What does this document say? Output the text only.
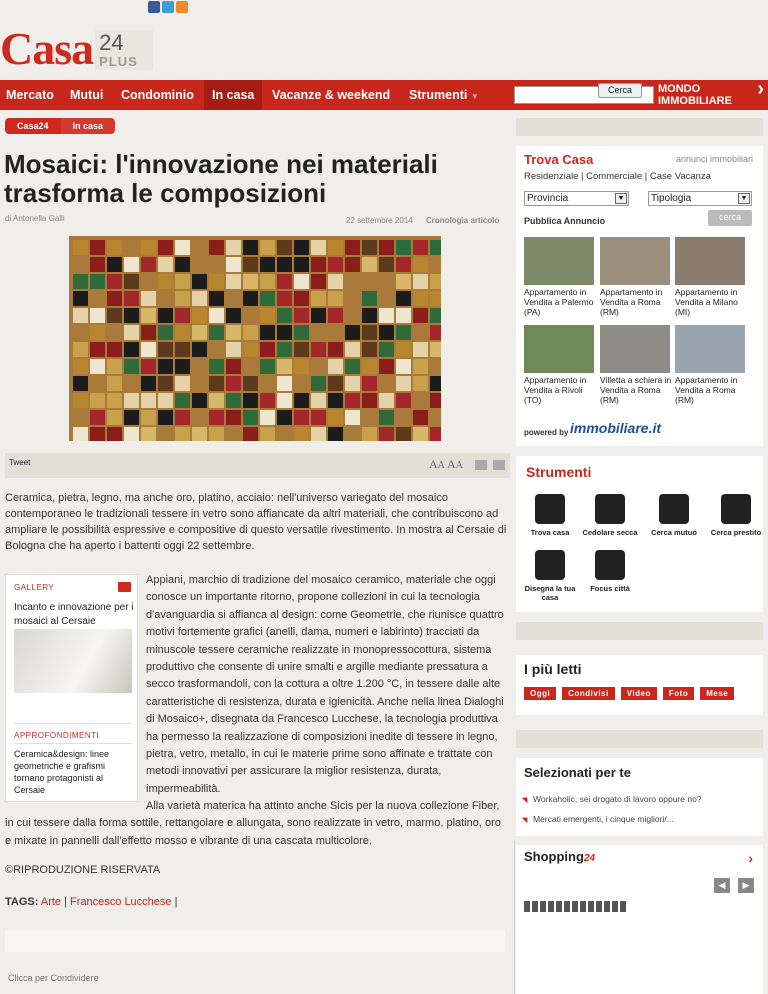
Casa 24
PLUS
Mercato Mutui Condominio	In casa	Vacanze & weekend Strumenti ▼
Cerca	MONDO
IMMOBILIARE
›
Casa24	In casa
Mosaici: l'innovazione nei materiali trasforma le composizioni
di Antonella Galli	22 settembre 2014 Cronologia articolo
Tweet	AA AA

Ceramica, pietra, legno, ma anche oro, platino, acciaio: nell'universo variegato del mosaico contemporaneo le tradizionali tessere in vetro sono affiancate da altri materiali, che contribuiscono ad ampliare le possibilità espressive e compositive di questo versatile rivestimento. In mostra al Cersaie di Bologna che ha aperto i battenti oggi 22 settembre.

GALLERY
Incanto e innovazione per i mosaici al Cersaie
APPROFONDIMENTI
Ceramica&design: linee geometriche e grafismi tornano protagonisti al Cersaie

Appiani, marchio di tradizione del mosaico ceramico, materiale che oggi conosce un importante ritorno, propone collezioni in cui la tecnologia d'avanguardia si affianca al design: come Geometrie, che riunisce quattro motivi fortemente grafici (anelli, dama, numeri e labirinto) tracciati da minuscole tessere ceramiche realizzate in monopressocottura, sistema produttivo che consente di unire smalti e argille mediante pressatura a secco trasformandoli, con la cottura a oltre 1.200 °C, in tessere dalle alte caratteristiche di resistenza, durata e igienicità. Anche nella linea Dialoghi di Mosaico+, disegnata da Francesco Lucchese, la tecnologia produttiva ha permesso la realizzazione di composizioni inedite di tessere in legno, pietra, vetro, metallo, in cui le materie prime sono affinate e trattate con metodi innovativi per assicurare la miglior resistenza, durata, impermeabilità.

Alla varietà materica ha attinto anche Sicis per la nuova collezione Fiber, in cui tessere dalla forma sottile, rettangolare e allungata, sono realizzate in vetro, marmo, platino, oro e mixate in pannelli dall'effetto mosso e vibrante di una cascata multicolore.

©RIPRODUZIONE RISERVATA
TAGS: Arte | Francesco Lucchese |
Clicca per Condividere
Trova Casa	annunci immobiliari
Residenziale | Commerciale | Case Vacanza
Provincia	▼	Tipologia	▼
Pubblica Annuncio	cerca
Appartamento in Vendita a Palermo (PA)
Appartamento in Vendita a Roma (RM)
Appartamento in Vendita a Milano (MI)
Appartamento in Vendita a Rivoli (TO)
Villetta a schiera in Vendita a Roma (RM)
Appartamento in Vendita a Roma (RM)
powered by immobiliare.it
Strumenti
Trova casa	Cedolare secca	Cerca mutuo	Cerca prestito
Disegna la tua casa
Focus città
I più letti
Oggi	Condivisi	Video	Foto	Mese
Selezionati per te
Workaholic, sei drogato di lavoro oppure no?
Mercati emergenti, i cinque migliori/...
Shopping24	›
◀	▶
